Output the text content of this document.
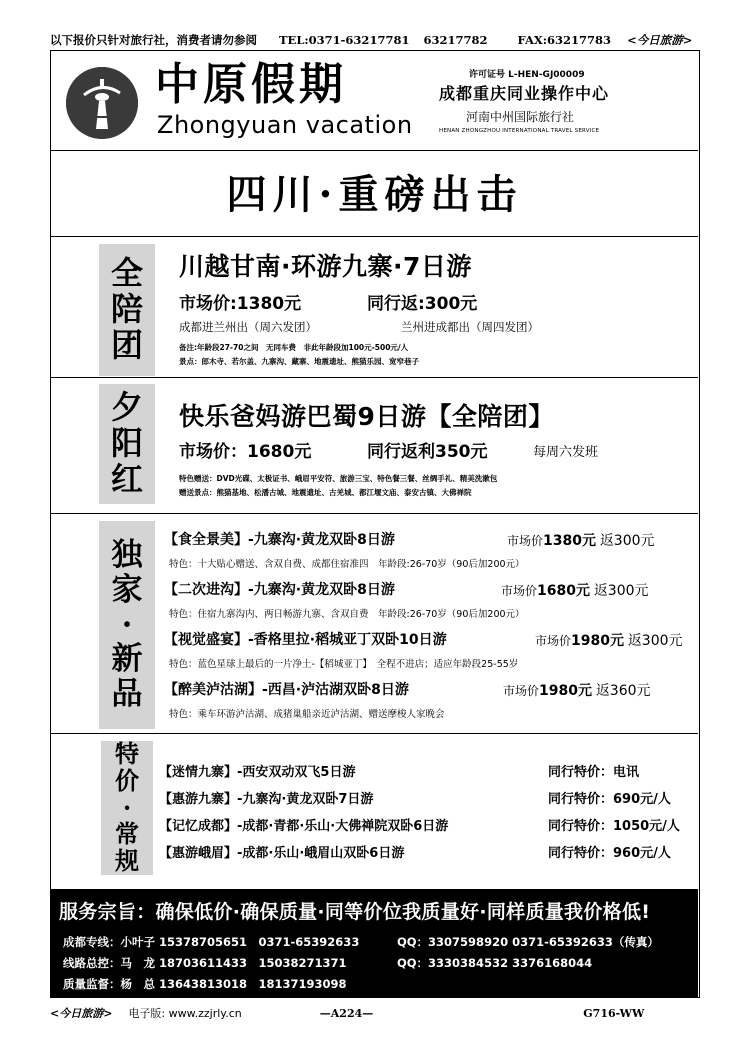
以下报价只针对旅行社，消费者请勿参阅 TEL:0371-63217781 63217782	FAX:63217783 <今日旅游>
中原假期
Zhongyuan vacation
许可证号 L-HEN-GJ00009
成都重庆同业操作中心
河南中州国际旅行社
HENAN ZHONGZHOU INTERNATIONAL TRAVEL SERVICE
四川·重磅出击
全
陪
团
川越甘南·环游九寨·7日游
市场价:1380元	同行返:300元
成都进兰州出（周六发团）	兰州进成都出（周四发团）
备注:年龄段27-70之间　无同车费　非此年龄段加100元-500元/人
景点：郎木寺、若尔盖、九寨沟、藏寨、地震遗址、熊猫乐园、宽窄巷子
夕
阳
红
快乐爸妈游巴蜀9日游【全陪团】
市场价：1680元	同行返利350元	每周六发班
特色赠送：DVD光碟、太极证书、峨眉平安符、旅游三宝、特色餐三餐、丝绸手礼、精美洗漱包
赠送景点：熊猫基地、松潘古城、地震遗址、古羌城、都江堰文庙、泰安古镇、大佛禅院
独
家
·
新
品
【食全景美】-九寨沟·黄龙双卧8日游	市场价1380元 返300元
特色：十大贴心赠送、含双自费、成都住宿准四　年龄段:26-70岁（90后加200元）
【二次进沟】-九寨沟·黄龙双卧8日游	市场价1680元 返300元
特色：住宿九寨沟内、两日畅游九寨、含双自费　年龄段:26-70岁（90后加200元）
【视觉盛宴】-香格里拉·稻城亚丁双卧10日游	市场价1980元 返300元
特色：蓝色星球上最后的一片净土-【稻城亚丁】　全程不进店；适应年龄段25-55岁
【醉美泸沽湖】-西昌·泸沽湖双卧8日游	市场价1980元 返360元
特色：乘车环游泸沽湖、成猪巢船亲近泸沽湖、赠送摩梭人家晚会
特
价
·
常
规
【迷情九寨】-西安双动双飞5日游	同行特价：电讯
【惠游九寨】-九寨沟·黄龙双卧7日游	同行特价：690元/人
【记忆成都】-成都·青都·乐山·大佛禅院双卧6日游	同行特价：1050元/人
【惠游峨眉】-成都·乐山·峨眉山双卧6日游	同行特价：960元/人
服务宗旨：确保低价·确保质量·同等价位我质量好·同样质量我价格低!
成都专线：小叶子 15378705651　0371-65392633	QQ：3307598920 0371-65392633（传真）
线路总控：马　龙 18703611433　15038271371	QQ：3330384532 3376168044
质量监督：杨　总 13643813018　18137193098
<今日旅游> 电子版: www.zzjrly.cn	—A224—	G716-WW
